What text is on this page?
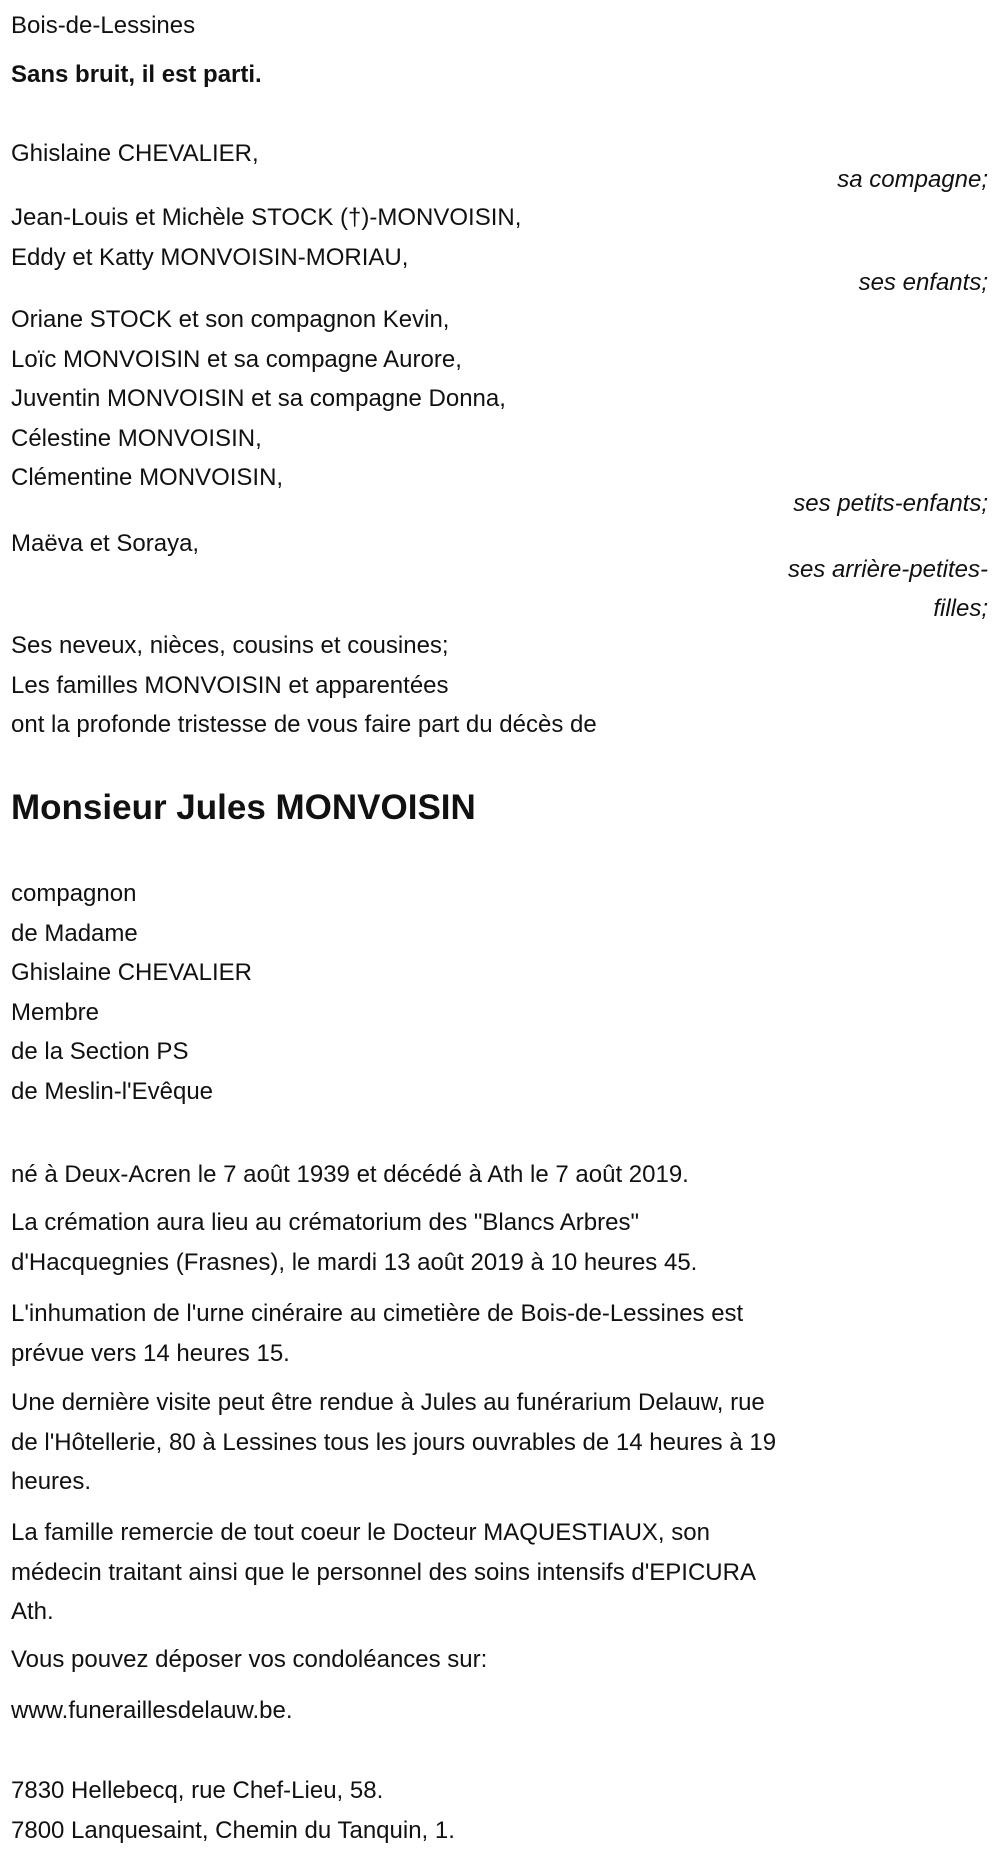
Bois-de-Lessines
Sans bruit, il est parti.
Ghislaine CHEVALIER,
sa compagne;
Jean-Louis et Michèle STOCK (†)-MONVOISIN,
Eddy et Katty MONVOISIN-MORIAU,
ses enfants;
Oriane STOCK et son compagnon Kevin,
Loïc MONVOISIN et sa compagne Aurore,
Juventin MONVOISIN et sa compagne Donna,
Célestine MONVOISIN,
Clémentine MONVOISIN,
ses petits-enfants;
Maëva et Soraya,
ses arrière-petites-
filles;
Ses neveux, nièces, cousins et cousines;
Les familles MONVOISIN et apparentées
ont la profonde tristesse de vous faire part du décès de
Monsieur Jules MONVOISIN
compagnon
de Madame
Ghislaine CHEVALIER
Membre
de la Section PS
de Meslin-l'Evêque
né à Deux-Acren le 7 août 1939 et décédé à Ath le 7 août 2019.
La crémation aura lieu au crématorium des "Blancs Arbres"
d'Hacquegnies (Frasnes), le mardi 13 août 2019 à 10 heures 45.
L'inhumation de l'urne cinéraire au cimetière de Bois-de-Lessines est
prévue vers 14 heures 15.
Une dernière visite peut être rendue à Jules au funérarium Delauw, rue
de l'Hôtellerie, 80 à Lessines tous les jours ouvrables de 14 heures à 19
heures.
La famille remercie de tout coeur le Docteur MAQUESTIAUX, son
médecin traitant ainsi que le personnel des soins intensifs d'EPICURA
Ath.
Vous pouvez déposer vos condoléances sur:
www.funeraillesdelauw.be.
7830 Hellebecq, rue Chef-Lieu, 58.
7800 Lanquesaint, Chemin du Tanquin, 1.
